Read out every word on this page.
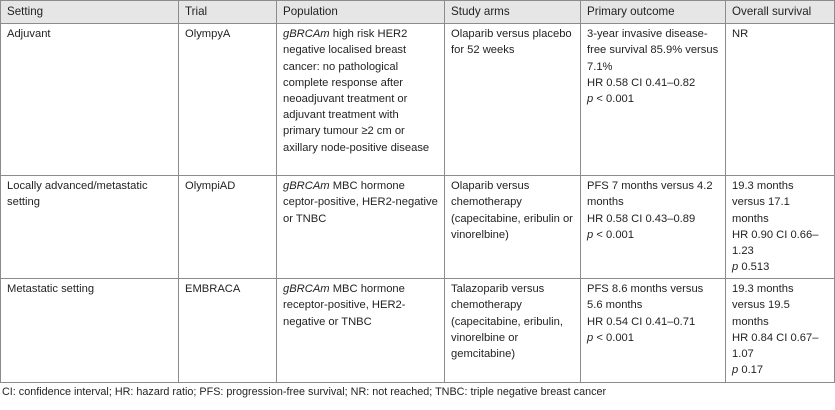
Setting	Trial	Population	Study arms	Primary outcome	Overall survival
Adjuvant	OlympyA	gBRCAm high risk HER2 negative localised breast cancer: no pathological complete response after neoadjuvant treatment or adjuvant treatment with primary tumour ≥2 cm or axillary node-positive disease	Olaparib versus placebo for 52 weeks	3-year invasive disease-free survival 85.9% versus 7.1%
HR 0.58 CI 0.41–0.82
p < 0.001	NR

Locally advanced/metastatic setting	OlympiAD	gBRCAm MBC hormone ceptor-positive, HER2-negative or TNBC	Olaparib versus chemotherapy (capecitabine, eribulin or vinorelbine)	PFS 7 months versus 4.2 months
HR 0.58 CI 0.43–0.89
p < 0.001	19.3 months versus 17.1 months
HR 0.90 CI 0.66–1.23
p 0.513

Metastatic setting	EMBRACA	gBRCAm MBC hormone receptor-positive, HER2-negative or TNBC	Talazoparib versus chemotherapy (capecitabine, eribulin, vinorelbine or gemcitabine)	PFS 8.6 months versus 5.6 months
HR 0.54 CI 0.41–0.71
p < 0.001	19.3 months versus 19.5 months
HR 0.84 CI 0.67–1.07
p 0.17
CI: confidence interval; HR: hazard ratio; PFS: progression-free survival; NR: not reached; TNBC: triple negative breast cancer
